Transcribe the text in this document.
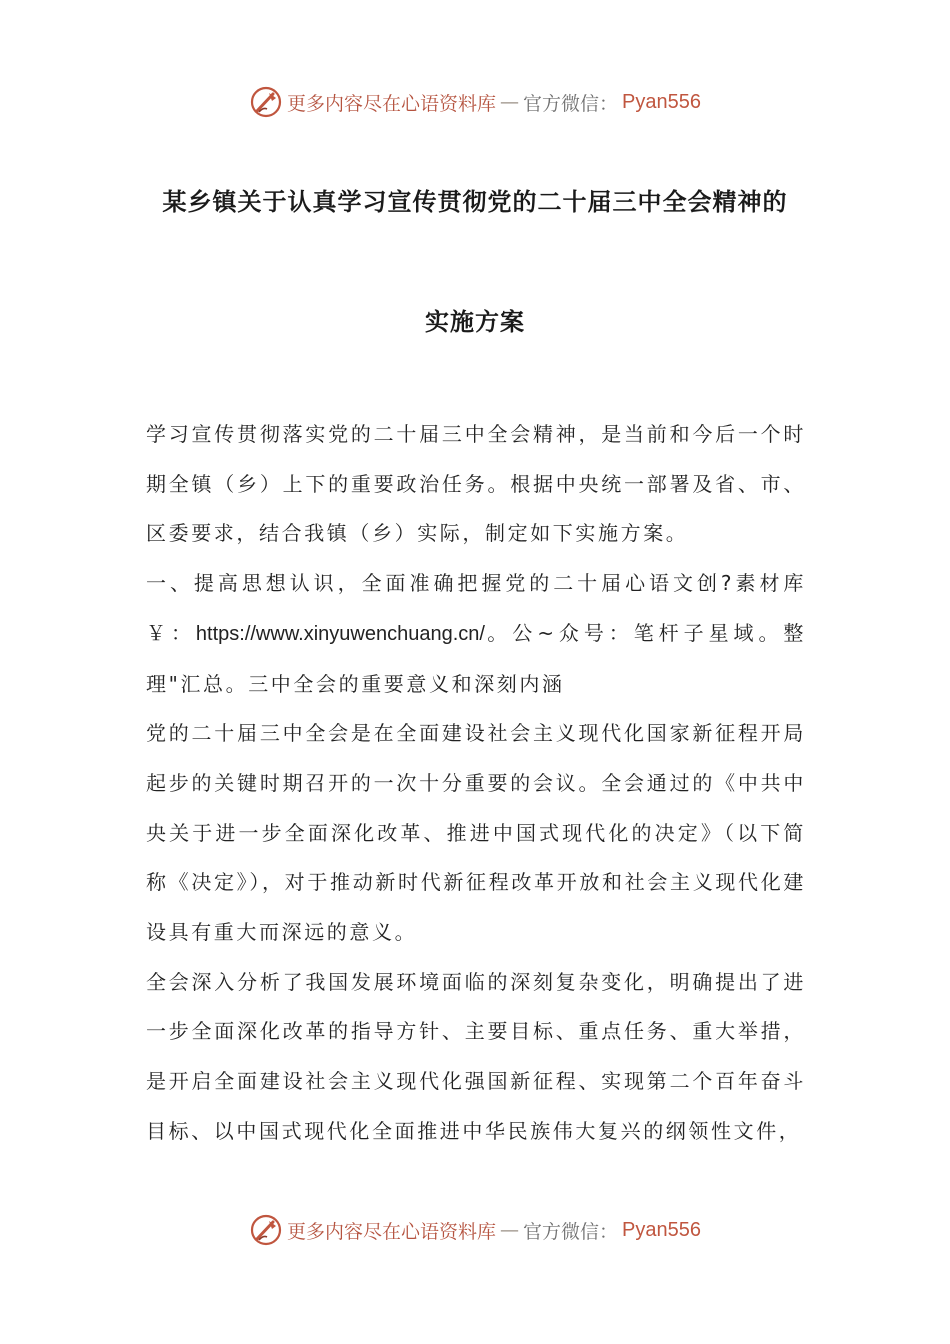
更多内容尽在心语资料库 — 官方微信： Pyan556
某乡镇关于认真学习宣传贯彻党的二十届三中全会精神的
实施方案

学习宣传贯彻落实党的二十届三中全会精神，是当前和今后一个时期全镇（乡）上下的重要政治任务。根据中央统一部署及省、市、区委要求，结合我镇（乡）实际，制定如下实施方案。

一、提高思想认识，全面准确把握党的二十届心语文创?素材库￥：https://www.xinyuwenchuang.cn/。公~众号：笔杆子星域。整理"汇总。三中全会的重要意义和深刻内涵

党的二十届三中全会是在全面建设社会主义现代化国家新征程开局起步的关键时期召开的一次十分重要的会议。全会通过的《中共中央关于进一步全面深化改革、推进中国式现代化的决定》（以下简称《决定》），对于推动新时代新征程改革开放和社会主义现代化建设具有重大而深远的意义。

全会深入分析了我国发展环境面临的深刻复杂变化，明确提出了进一步全面深化改革的指导方针、主要目标、重点任务、重大举措，是开启全面建设社会主义现代化强国新征程、实现第二个百年奋斗目标、以中国式现代化全面推进中华民族伟大复兴的纲领性文件，

更多内容尽在心语资料库 — 官方微信： Pyan556
